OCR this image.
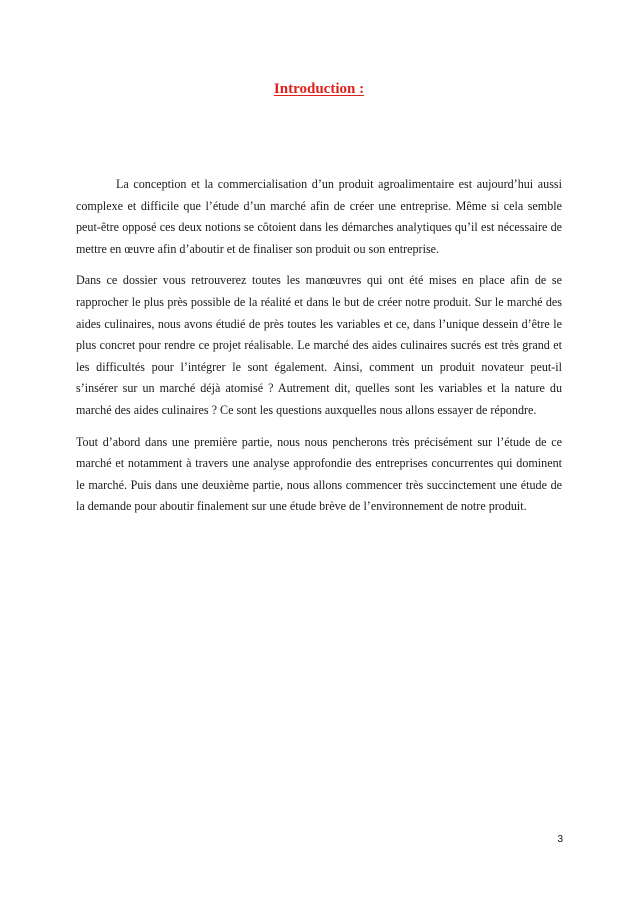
Introduction :

La conception et la commercialisation d’un produit agroalimentaire est aujourd’hui aussi complexe et difficile que l’étude d’un marché afin de créer une entreprise. Même si cela semble peut-être opposé ces deux notions se côtoient dans les démarches analytiques qu’il est nécessaire de mettre en œuvre afin d’aboutir et de finaliser son produit ou son entreprise.

Dans ce dossier vous retrouverez toutes les manœuvres qui ont été mises en place afin de se rapprocher le plus près possible de la réalité et dans le but de créer notre produit. Sur le marché des aides culinaires, nous avons étudié de près toutes les variables et ce, dans l’unique dessein d’être le plus concret pour rendre ce projet réalisable. Le marché des aides culinaires sucrés est très grand et les difficultés pour l’intégrer le sont également. Ainsi, comment un produit novateur peut-il s’insérer sur un marché déjà atomisé ? Autrement dit, quelles sont les variables et la nature du marché des aides culinaires ? Ce sont les questions auxquelles nous allons essayer de répondre.

Tout d’abord dans une première partie, nous nous pencherons très précisément sur l’étude de ce marché et notamment à travers une analyse approfondie des entreprises concurrentes qui dominent le marché. Puis dans une deuxième partie, nous allons commencer très succinctement une étude de la demande pour aboutir finalement sur une étude brève de l’environnement de notre produit.

3
